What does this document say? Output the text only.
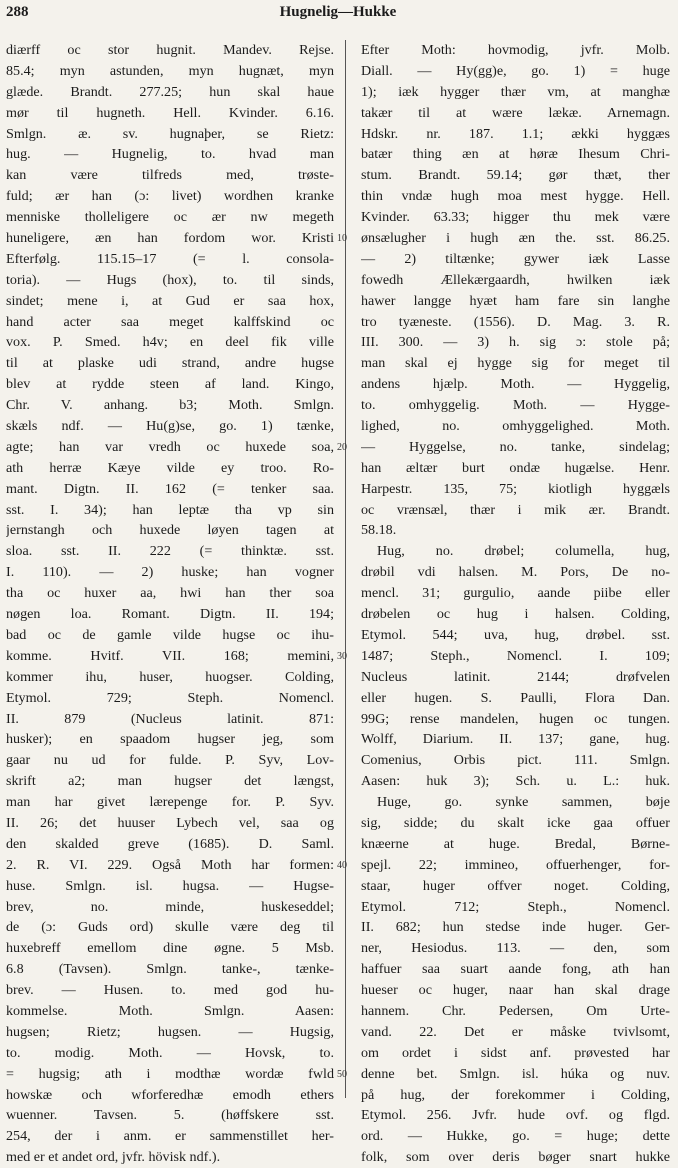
288	Hugnelig—Hukke
diærff oc stor hugnit. Mandev. Rejse.
85.4; myn astunden, myn hugnæt, myn
glæde. Brandt. 277.25; hun skal haue
mør til hugneth. Hell. Kvinder. 6.16.
Smlgn. æ. sv. hugnaþer, se Rietz:
hug. — Hugnelig, to. hvad man
kan være tilfreds med, trøste-
fuld; ær han (ɔ: livet) wordhen kranke
menniske tholleligere oc ær nw megeth
huneligere, æn han fordom wor. Kristi
Efterfølg. 115.15–17 (= l. consola-
toria). — Hugs (hox), to. til sinds,
sindet; mene i, at Gud er saa hox,
hand acter saa meget kalffskind oc
vox. P. Smed. h4v; en deel fik ville
til at plaske udi strand, andre hugse
blev at rydde steen af land. Kingo,
Chr. V. anhang. b3; Moth. Smlgn.
skæls ndf. — Hu(g)se, go. 1) tænke,
agte; han var vredh oc huxede soa,
ath herræ Kæye vilde ey troo. Ro-
mant. Digtn. II. 162 (= tenker saa.
sst. I. 34); han leptæ tha vp sin
jernstangh och huxede løyen tagen at
sloa. sst. II. 222 (= thinktæ. sst.
I. 110). — 2) huske; han vogner
tha oc huxer aa, hwi han ther soa
nøgen loa. Romant. Digtn. II. 194;
bad oc de gamle vilde hugse oc ihu-
komme. Hvitf. VII. 168; memini,
kommer ihu, huser, huogser. Colding,
Etymol. 729; Steph. Nomencl.
II. 879 (Nucleus latinit. 871:
husker); en spaadom hugser jeg, som
gaar nu ud for fulde. P. Syv, Lov-
skrift a2; man hugser det længst,
man har givet lærepenge for. P. Syv.
II. 26; det huuser Lybech vel, saa og
den skalded greve (1685). D. Saml.
2. R. VI. 229. Også Moth har formen:
huse. Smlgn. isl. hugsa. — Hugse-
brev, no. minde, huskeseddel;
de (ɔ: Guds ord) skulle være deg til
huxebreff emellom dine øgne. 5 Msb.
6.8 (Tavsen). Smlgn. tanke-, tænke-
brev. — Husen. to. med god hu-
kommelse. Moth. Smlgn. Aasen:
hugsen; Rietz; hugsen. — Hugsig,
to. modig. Moth. — Hovsk, to.
= hugsig; ath i modthæ wordæ fwld
howskæ och wforferedhæ emodh ethers
wuenner. Tavsen. 5. (høffskere sst.
254, der i anm. er sammenstillet her-
med er et andet ord, jvfr. hövisk ndf.).
Efter Moth: hovmodig, jvfr. Molb.
Diall. — Hy(gg)e, go. 1) = huge
1); iæk hygger thær vm, at manghæ
takær til at wære lækæ. Arnemagn.
Hdskr. nr. 187. 1.1; ækki hyggæs
batær thing æn at høræ Ihesum Chri-
stum. Brandt. 59.14; gør thæt, ther
thin vndæ hugh moa mest hygge. Hell.
Kvinder. 63.33; higger thu mek være
ønsælugher i hugh æn the. sst. 86.25.
— 2) tiltænke; gywer iæk Lasse
fowedh Ællekærgaardh, hwilken iæk
hawer langge hyæt ham fare sin langhe
tro tyæneste. (1556). D. Mag. 3. R.
III. 300. — 3) h. sig ɔ: stole på;
man skal ej hygge sig for meget til
andens hjælp. Moth. — Hyggelig,
to. omhyggelig. Moth. — Hygge-
lighed, no. omhyggelighed. Moth.
— Hyggelse, no. tanke, sindelag;
han æltær burt ondæ hugælse. Henr.
Harpestr. 135, 75; kiotligh hyggæls
oc vrænsæl, thær i mik ær. Brandt.
58.18.
Hug, no. drøbel; columella, hug,
drøbil vdi halsen. M. Pors, De no-
mencl. 31; gurgulio, aande piibe eller
drøbelen oc hug i halsen. Colding,
Etymol. 544; uva, hug, drøbel. sst.
1487; Steph., Nomencl. I. 109;
Nucleus latinit. 2144; drøfvelen
eller hugen. S. Paulli, Flora Dan.
99G; rense mandelen, hugen oc tungen.
Wolff, Diarium. II. 137; gane, hug.
Comenius, Orbis pict. 111. Smlgn.
Aasen: huk 3); Sch. u. L.: huk.
Huge, go. synke sammen, bøje
sig, sidde; du skalt icke gaa offuer
knæerne at huge. Bredal, Børne-
spejl. 22; immineo, offuerhenger, for-
staar, huger offver noget. Colding,
Etymol. 712; Steph., Nomencl.
II. 682; hun stedse inde huger. Ger-
ner, Hesiodus. 113. — den, som
haffuer saa suart aande fong, ath han
hueser oc huger, naar han skal drage
hannem. Chr. Pedersen, Om Urte-
vand. 22. Det er måske tvivlsomt,
om ordet i sidst anf. prøvested har
denne bet. Smlgn. isl. húka og nuv.
på hug, der forekommer i Colding,
Etymol. 256. Jvfr. hude ovf. og flgd.
ord. — Hukke, go. = huge; dette
folk, som over deris bøger snart hukke
10
20
30
40
50
